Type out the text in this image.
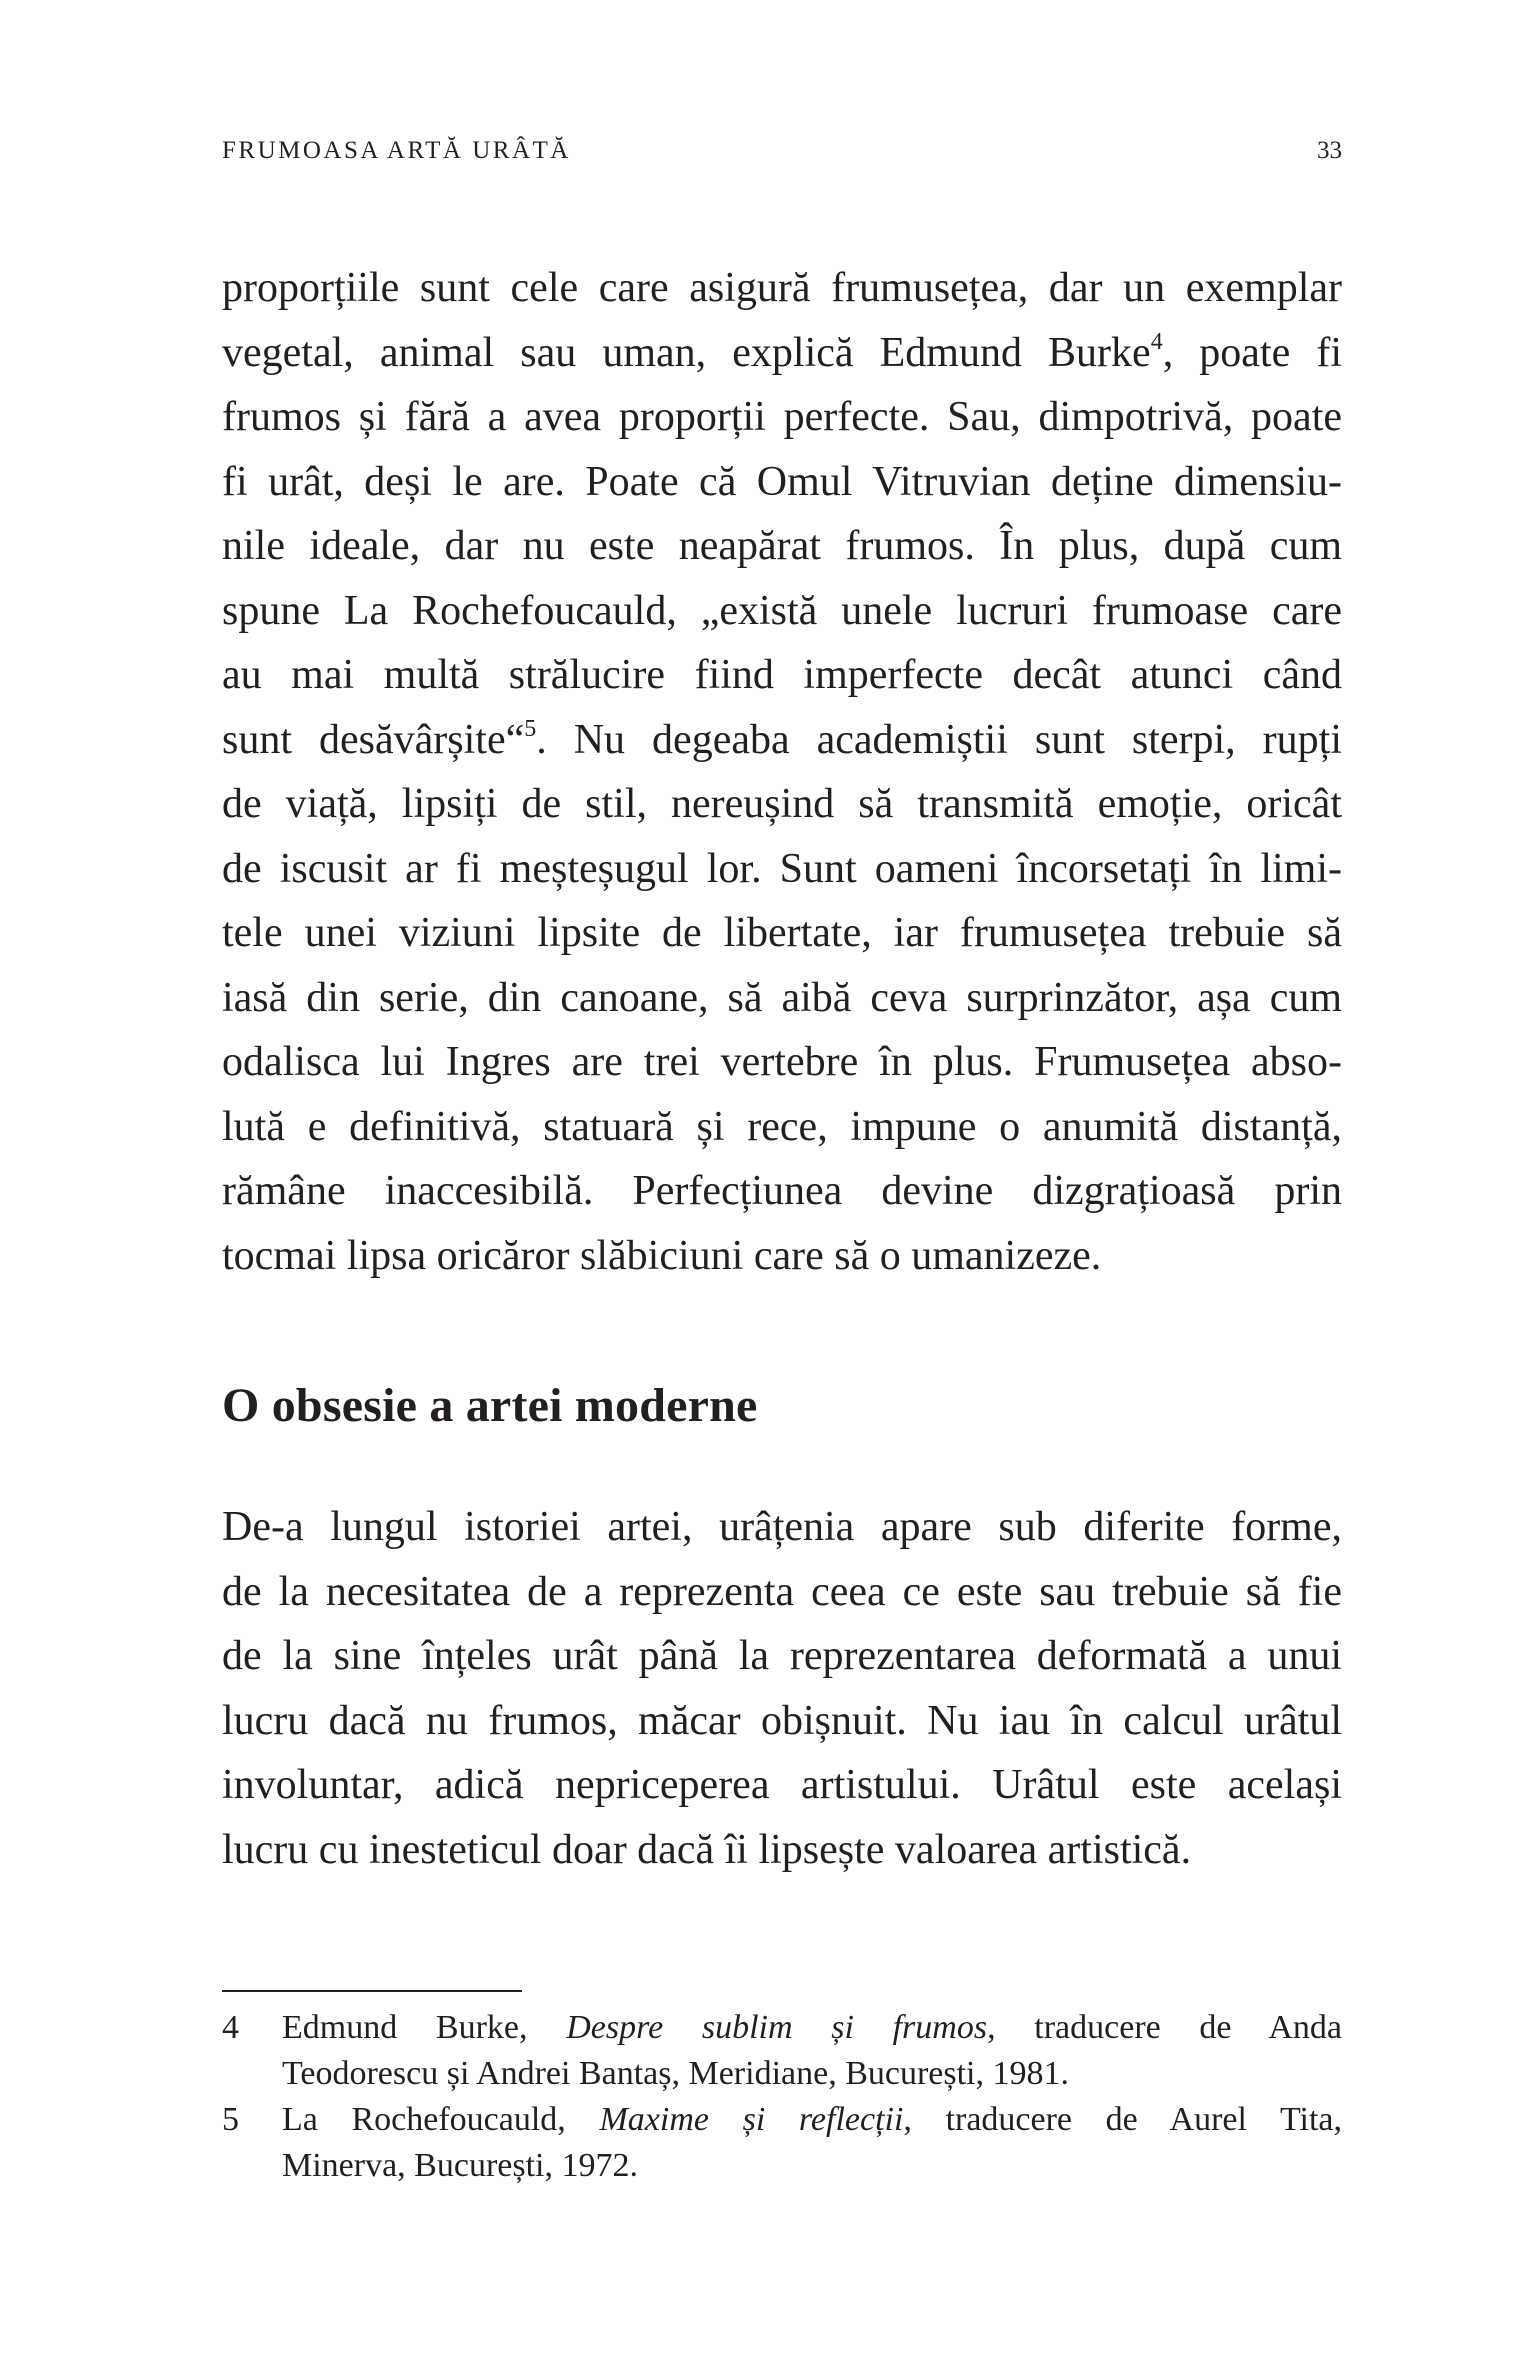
FRUMOASA ARTĂ URÂTĂ	33
proporțiile sunt cele care asigură frumusețea, dar un exemplar
vegetal, animal sau uman, explică Edmund Burke$^4$, poate fi
frumos și fără a avea proporții perfecte. Sau, dimpotrivă, poate
fi urât, deși le are. Poate că Omul Vitruvian deține dimensiu-
nile ideale, dar nu este neapărat frumos. În plus, după cum
spune La Rochefoucauld, „există unele lucruri frumoase care
au mai multă strălucire fiind imperfecte decât atunci când
sunt desăvârșite“$^5$. Nu degeaba academiștii sunt sterpi, rupți
de viață, lipsiți de stil, nereușind să transmită emoție, oricât
de iscusit ar fi meșteșugul lor. Sunt oameni încorsetați în limi-
tele unei viziuni lipsite de libertate, iar frumusețea trebuie să
iasă din serie, din canoane, să aibă ceva surprinzător, așa cum
odalisca lui Ingres are trei vertebre în plus. Frumusețea abso-
lută e definitivă, statuară și rece, impune o anumită distanță,
rămâne inaccesibilă. Perfecțiunea devine dizgrațioasă prin
tocmai lipsa oricăror slăbiciuni care să o umanizeze.
O obsesie a artei moderne
De-a lungul istoriei artei, urâțenia apare sub diferite forme,
de la necesitatea de a reprezenta ceea ce este sau trebuie să fie
de la sine înțeles urât până la reprezentarea deformată a unui
lucru dacă nu frumos, măcar obișnuit. Nu iau în calcul urâtul
involuntar, adică nepriceperea artistului. Urâtul este același
lucru cu inesteticul doar dacă îi lipsește valoarea artistică.
4	Edmund Burke, Despre sublim și frumos, traducere de Anda
Teodorescu și Andrei Bantaș, Meridiane, București, 1981.
5	La Rochefoucauld, Maxime și reflecții, traducere de Aurel Tita,
Minerva, București, 1972.
